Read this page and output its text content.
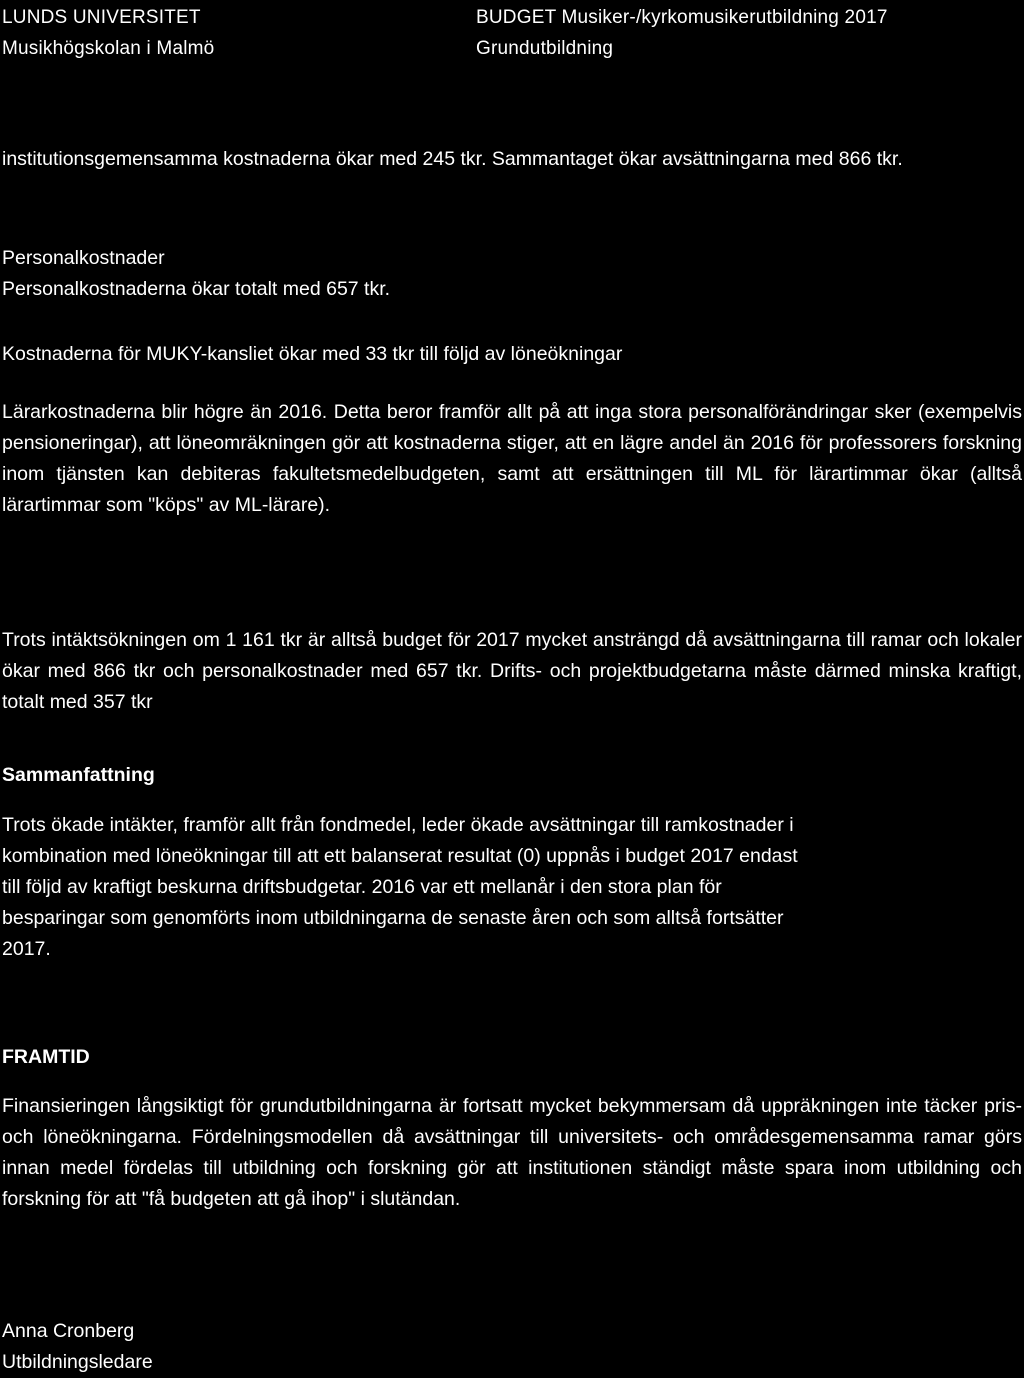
LUNDS UNIVERSITET
Musikhögskolan i Malmö
BUDGET Musiker-/kyrkomusikerutbildning 2017
Grundutbildning

institutionsgemensamma kostnaderna ökar med 245 tkr. Sammantaget ökar avsättningarna med 866 tkr.

Personalkostnader

Personalkostnaderna ökar totalt med 657 tkr.

Kostnaderna för MUKY-kansliet ökar med 33 tkr till följd av löneökningar

Lärarkostnaderna blir högre än 2016. Detta beror framför allt på att inga stora personalförändringar sker (exempelvis pensioneringar), att löneomräkningen gör att kostnaderna stiger, att en lägre andel än 2016 för professorers forskning inom tjänsten kan debiteras fakultetsmedelbudgeten, samt att ersättningen till ML för lärartimmar ökar (alltså lärartimmar som "köps" av ML-lärare).

Trots intäktsökningen om 1 161 tkr är alltså budget för 2017 mycket ansträngd då avsättningarna till ramar och lokaler ökar med 866 tkr och personalkostnader med 657 tkr. Drifts- och projektbudgetarna måste därmed minska kraftigt, totalt med 357 tkr

Sammanfattning

Trots ökade intäkter, framför allt från fondmedel, leder ökade avsättningar till ramkostnader i
kombination med löneökningar till att ett balanserat resultat (0) uppnås i budget 2017 endast
till följd av kraftigt beskurna driftsbudgetar. 2016 var ett mellanår i den stora plan för
besparingar som genomförts inom utbildningarna de senaste åren och som alltså fortsätter
2017.

FRAMTID

Finansieringen långsiktigt för grundutbildningarna är fortsatt mycket bekymmersam då uppräkningen inte täcker pris- och löneökningarna. Fördelningsmodellen då avsättningar till universitets- och områdesgemensamma ramar görs innan medel fördelas till utbildning och forskning gör att institutionen ständigt måste spara inom utbildning och forskning för att "få budgeten att gå ihop" i slutändan.

Anna Cronberg

Utbildningsledare
